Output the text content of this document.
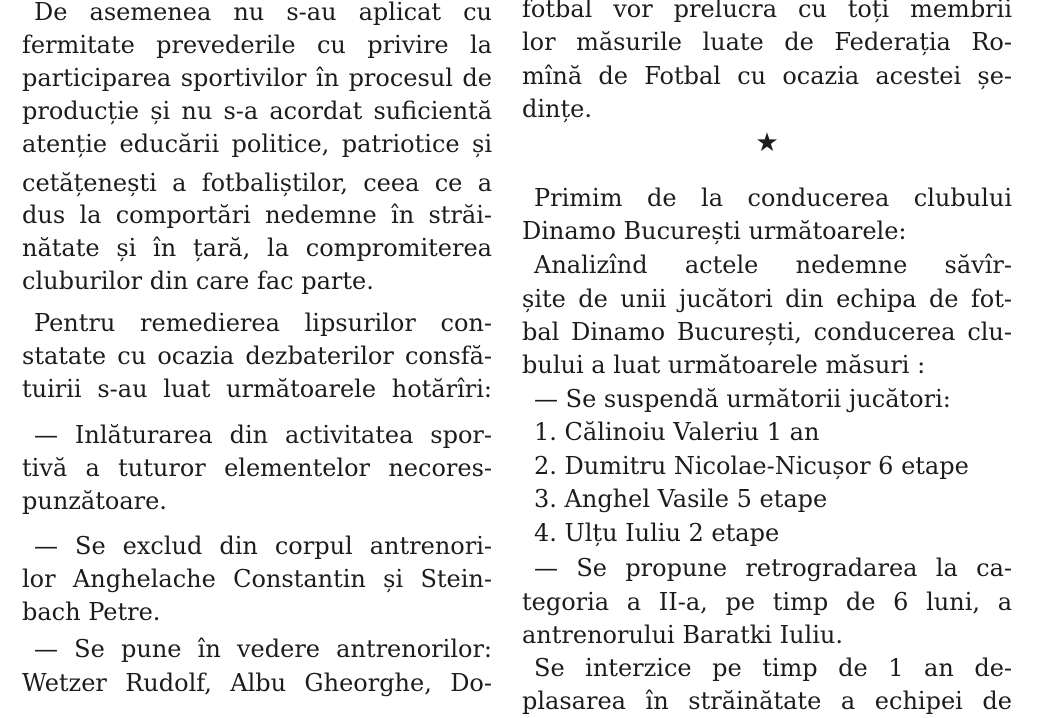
De asemenea nu s-au aplicat cu
fermitate prevederile cu privire la
participarea sportivilor în procesul de
producție și nu s-a acordat suficientă
atenție educării politice, patriotice și
cetățenești a fotbaliștilor, ceea ce a
dus la comportări nedemne în străi-
nătate și în țară, la compromiterea
cluburilor din care fac parte.
Pentru remedierea lipsurilor con-
statate cu ocazia dezbaterilor consfă-
tuirii s-au luat următoarele hotărîri:
— Inlăturarea din activitatea spor-
tivă a tuturor elementelor necores-
punzătoare.
— Se exclud din corpul antrenori-
lor Anghelache Constantin și Stein-
bach Petre.
— Se pune în vedere antrenorilor:
Wetzer Rudolf, Albu Gheorghe, Do-
fotbal vor prelucra cu toți membrii
lor măsurile luate de Federația Ro-
mînă de Fotbal cu ocazia acestei șe-
dințe.
★
Primim de la conducerea clubului
Dinamo București următoarele:
Analizînd actele nedemne săvîr-
șite de unii jucători din echipa de fot-
bal Dinamo București, conducerea clu-
bului a luat următoarele măsuri :
— Se suspendă următorii jucători:
1. Călinoiu Valeriu 1 an
2. Dumitru Nicolae-Nicușor 6 etape
3. Anghel Vasile 5 etape
4. Ulțu Iuliu 2 etape
— Se propune retrogradarea la ca-
tegoria a II-a, pe timp de 6 luni, a
antrenorului Baratki Iuliu.
Se interzice pe timp de 1 an de-
plasarea în străinătate a echipei de
